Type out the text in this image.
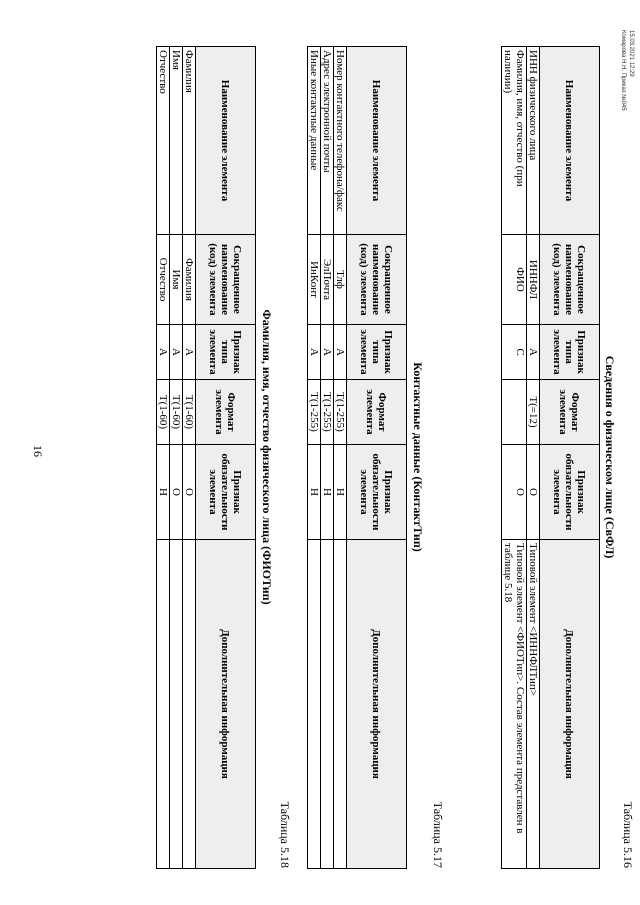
15.03.2021 12:29
Комарова Н.Н. Приказ №045
Таблица 5.16
Сведения о физическом лице (СвФЛ)
Наименование элемента	Сокращенное наименование (код) элемента	Признак типа элемента	Формат элемента	Признак обязательности элемента	Дополнительная информация
ИНН физического лица	ИННФЛ	А	T(=12)	О	Типовой элемент <ИННФЛТип>
Фамилия, имя, отчество (при наличии)	ФИО	С		О	Типовой элемент <ФИОТип>. Состав элемента представлен в таблице 5.18
Таблица 5.17
Контактные данные (КонтактТип)
Наименование элемента	Сокращенное наименование (код) элемента	Признак типа элемента	Формат элемента	Признак обязательности элемента	Дополнительная информация
Номер контактного телефона/факс	Тлф	А	T(1-255)	Н	
Адрес электронной почты	ЭлПочта	А	T(1-255)	Н	
Иные контактные данные	ИнКонт	А	T(1-255)	Н	
Таблица 5.18
Фамилия, имя, отчество физического лица (ФИОТип)
Наименование элемента	Сокращенное наименование (код) элемента	Признак типа элемента	Формат элемента	Признак обязательности элемента	Дополнительная информация
Фамилия	Фамилия	А	T(1-60)	О	
Имя	Имя	А	T(1-60)	О	
Отчество	Отчество	А	T(1-60)	Н	
16
